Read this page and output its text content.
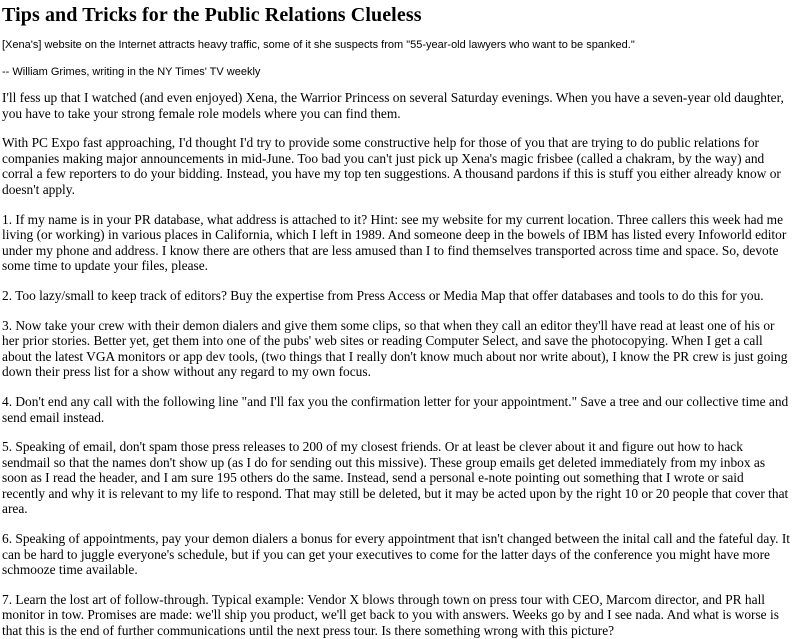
Tips and Tricks for the Public Relations Clueless
[Xena's] website on the Internet attracts heavy traffic, some of it she suspects from "55-year-old lawyers who want to be spanked."
-- William Grimes, writing in the NY Times' TV weekly

I'll fess up that I watched (and even enjoyed) Xena, the Warrior Princess on several Saturday evenings. When you have a seven-year old daughter, you have to take your strong female role models where you can find them.

With PC Expo fast approaching, I'd thought I'd try to provide some constructive help for those of you that are trying to do public relations for companies making major announcements in mid-June. Too bad you can't just pick up Xena's magic frisbee (called a chakram, by the way) and corral a few reporters to do your bidding. Instead, you have my top ten suggestions. A thousand pardons if this is stuff you either already know or doesn't apply.

1. If my name is in your PR database, what address is attached to it? Hint: see my website for my current location. Three callers this week had me living (or working) in various places in California, which I left in 1989. And someone deep in the bowels of IBM has listed every Infoworld editor under my phone and address. I know there are others that are less amused than I to find themselves transported across time and space. So, devote some time to update your files, please.

2. Too lazy/small to keep track of editors? Buy the expertise from Press Access or Media Map that offer databases and tools to do this for you.

3. Now take your crew with their demon dialers and give them some clips, so that when they call an editor they'll have read at least one of his or her prior stories. Better yet, get them into one of the pubs' web sites or reading Computer Select, and save the photocopying. When I get a call about the latest VGA monitors or app dev tools, (two things that I really don't know much about nor write about), I know the PR crew is just going down their press list for a show without any regard to my own focus.

4. Don't end any call with the following line "and I'll fax you the confirmation letter for your appointment." Save a tree and our collective time and send email instead.

5. Speaking of email, don't spam those press releases to 200 of my closest friends. Or at least be clever about it and figure out how to hack sendmail so that the names don't show up (as I do for sending out this missive). These group emails get deleted immediately from my inbox as soon as I read the header, and I am sure 195 others do the same. Instead, send a personal e-note pointing out something that I wrote or said recently and why it is relevant to my life to respond. That may still be deleted, but it may be acted upon by the right 10 or 20 people that cover that area.

6. Speaking of appointments, pay your demon dialers a bonus for every appointment that isn't changed between the inital call and the fateful day. It can be hard to juggle everyone's schedule, but if you can get your executives to come for the latter days of the conference you might have more schmooze time available.

7. Learn the lost art of follow-through. Typical example: Vendor X blows through town on press tour with CEO, Marcom director, and PR hall monitor in tow. Promises are made: we'll ship you product, we'll get back to you with answers. Weeks go by and I see nada. And what is worse is that this is the end of further communications until the next press tour. Is there something wrong with this picture?
